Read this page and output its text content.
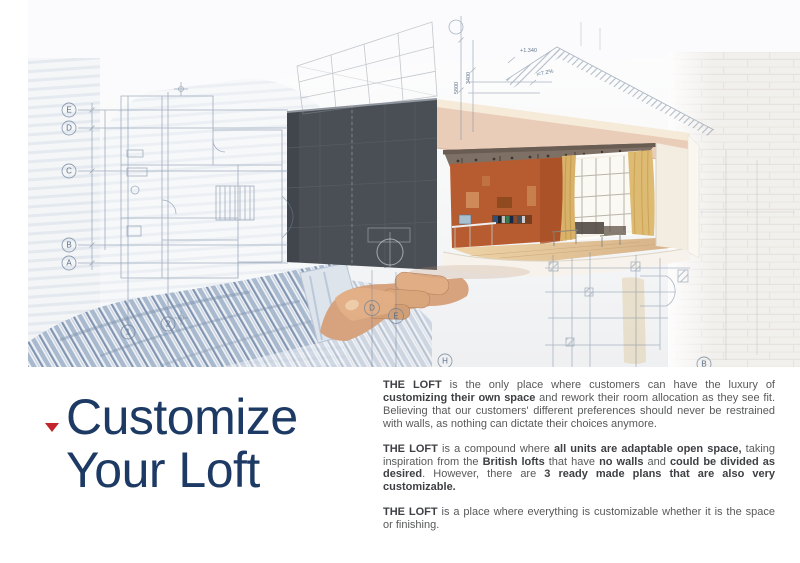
E
D
C
B
A
1
2
D
E
H	B
5800
3400
+1.340
i=7.2%
Customize
Your Loft

THE LOFT is the only place where customers can have the luxury of customizing their own space and rework their room allocation as they see fit. Believing that our customers' different preferences should never be restrained with walls, as nothing can dictate their choices anymore.

THE LOFT is a compound where all units are adaptable open space, taking inspiration from the British lofts that have no walls and could be divided as desired. However, there are 3 ready made plans that are also very customizable.

THE LOFT is a place where everything is customizable whether it is the space or finishing.
